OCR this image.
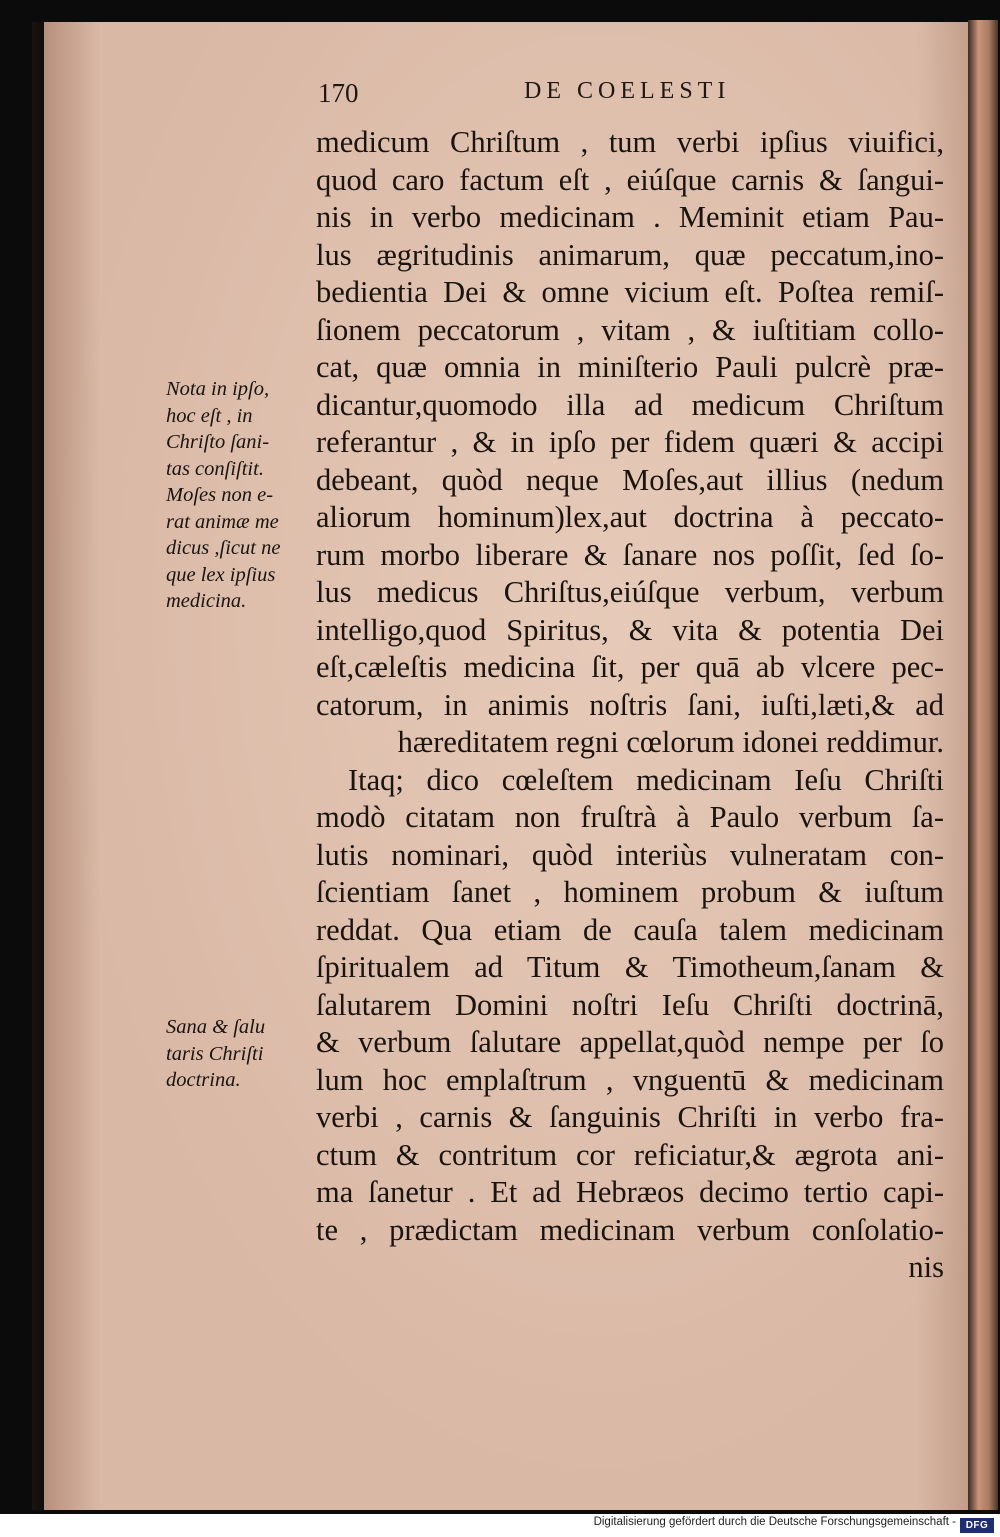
170	DE COELESTI
medicum Chriſtum , tum verbi ipſius viuifici,
quod caro factum eſt , eiúſque carnis & ſangui-
nis in verbo medicinam . Meminit etiam Pau-
lus ægritudinis animarum, quæ peccatum,ino-
bedientia Dei & omne vicium eſt. Poſtea remiſ-
ſionem peccatorum , vitam , & iuſtitiam collo-
cat, quæ omnia in miniſterio Pauli pulcrè præ-
dicantur,quomodo illa ad medicum Chriſtum
referantur , & in ipſo per fidem quæri & accipi
debeant, quòd neque Moſes,aut illius (nedum
aliorum hominum)lex,aut doctrina à peccato-
rum morbo liberare & ſanare nos poſſit, ſed ſo-
lus medicus Chriſtus,eiúſque verbum, verbum
intelligo,quod Spiritus, & vita & potentia Dei
eſt,cæleſtis medicina ſit, per quā ab vlcere pec-
catorum, in animis noſtris ſani, iuſti,læti,& ad
hæreditatem regni cœlorum idonei reddimur.
Itaq; dico cœleſtem medicinam Ieſu Chriſti
modò citatam non fruſtrà à Paulo verbum ſa-
lutis nominari, quòd interiùs vulneratam con-
ſcientiam ſanet , hominem probum & iuſtum
reddat. Qua etiam de cauſa talem medicinam
ſpiritualem ad Titum & Timotheum,ſanam &
ſalutarem Domini noſtri Ieſu Chriſti doctrinā,
& verbum ſalutare appellat,quòd nempe per ſo
lum hoc emplaſtrum , vnguentū & medicinam
verbi , carnis & ſanguinis Chriſti in verbo fra-
ctum & contritum cor reficiatur,& ægrota ani-
ma ſanetur . Et ad Hebræos decimo tertio capi-
te , prædictam medicinam verbum conſolatio-
nis
Nota in ipſo,
hoc eſt , in
Chriſto ſani-
tas conſiſtit.
Moſes non e-
rat animæ me
dicus ,ſicut ne
que lex ipſius
medicina.
Sana & ſalu
taris Chriſti
doctrina.
Digitalisierung gefördert durch die Deutsche Forschungsgemeinschaft - DFG
